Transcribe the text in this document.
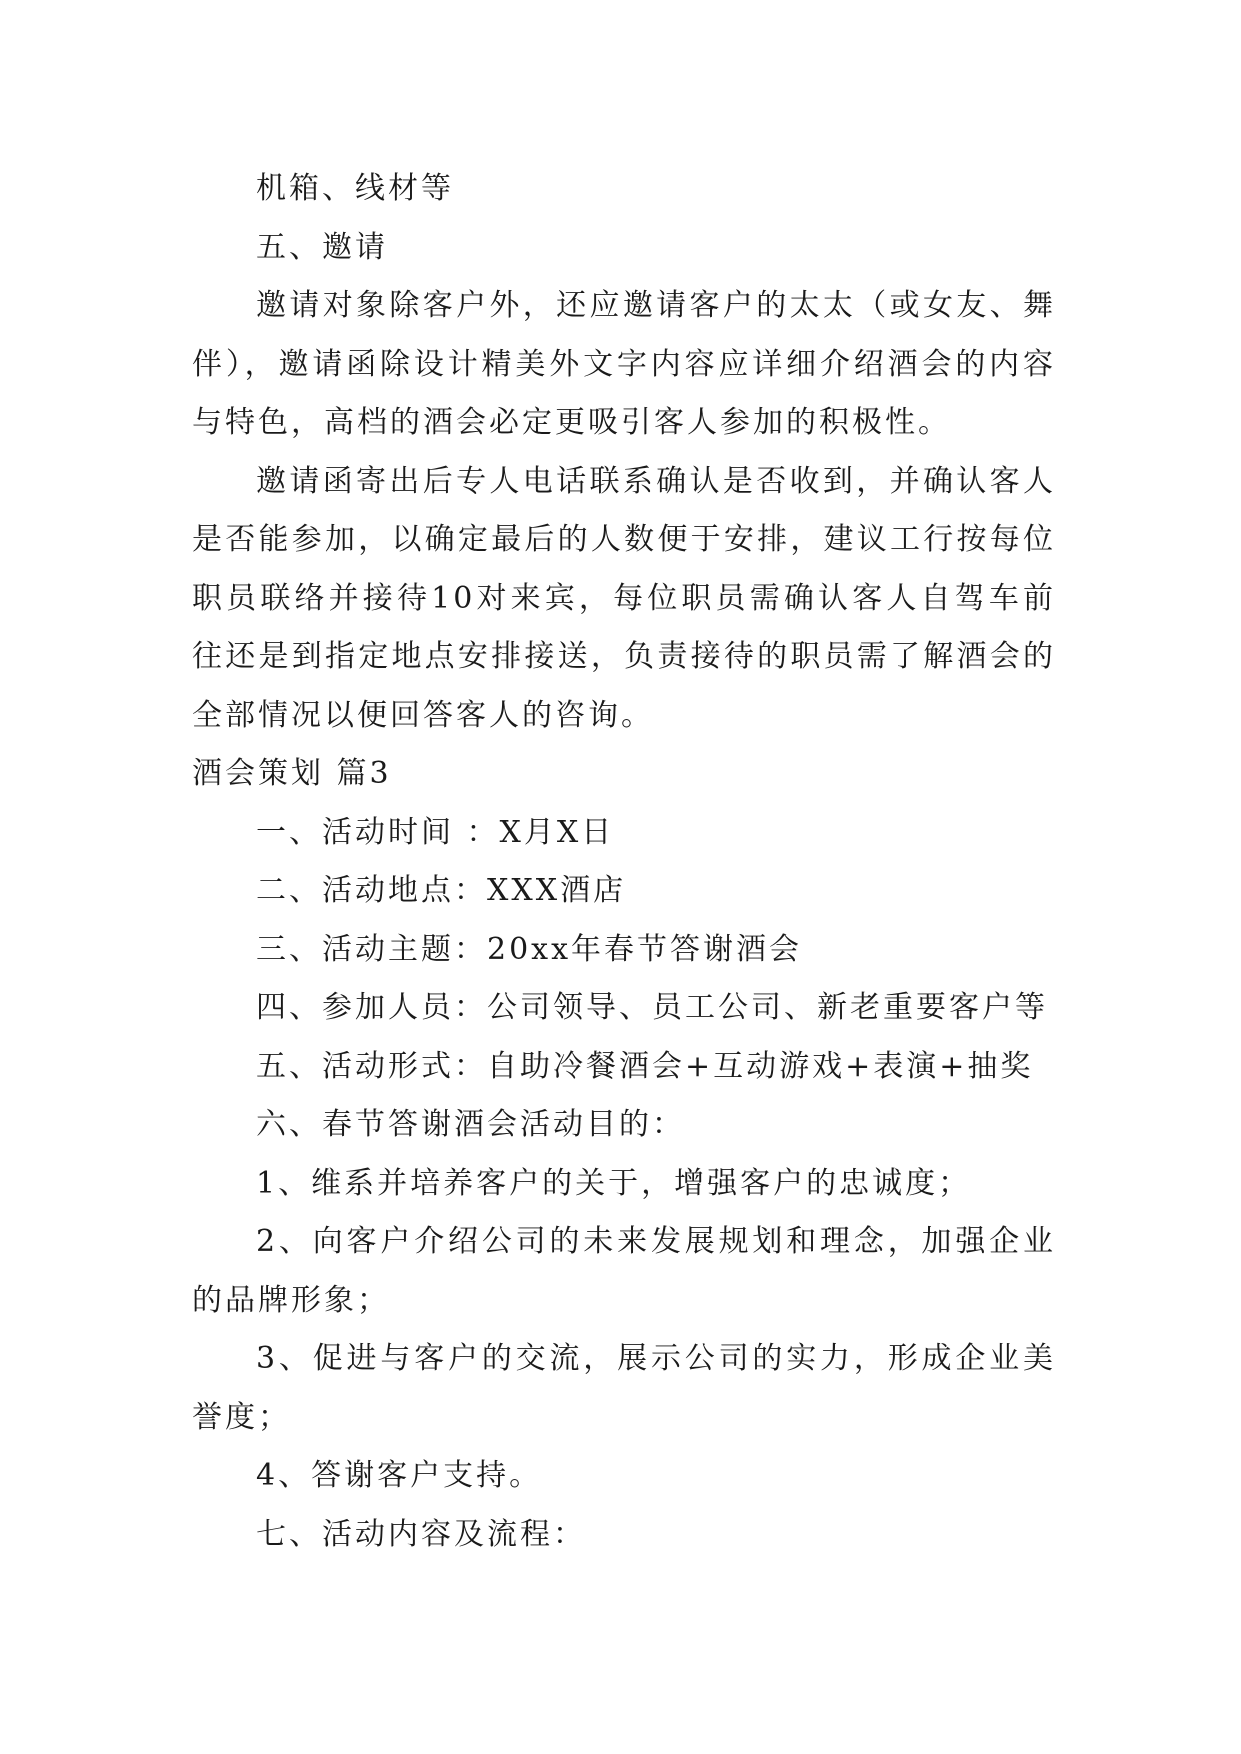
机箱、线材等

五、邀请

邀请对象除客户外，还应邀请客户的太太（或女友、舞伴），邀请函除设计精美外文字内容应详细介绍酒会的内容与特色，高档的酒会必定更吸引客人参加的积极性。

邀请函寄出后专人电话联系确认是否收到，并确认客人是否能参加，以确定最后的人数便于安排，建议工行按每位职员联络并接待10对来宾，每位职员需确认客人自驾车前往还是到指定地点安排接送，负责接待的职员需了解酒会的全部情况以便回答客人的咨询。

酒会策划 篇3

一、活动时间 ：X月X日

二、活动地点：XXX酒店

三、活动主题：20xx年春节答谢酒会

四、参加人员：公司领导、员工公司、新老重要客户等

五、活动形式：自助冷餐酒会+互动游戏+表演+抽奖

六、春节答谢酒会活动目的：

1、维系并培养客户的关于，增强客户的忠诚度；

2、向客户介绍公司的未来发展规划和理念，加强企业的品牌形象；

3、促进与客户的交流，展示公司的实力，形成企业美誉度；

4、答谢客户支持。

七、活动内容及流程：
